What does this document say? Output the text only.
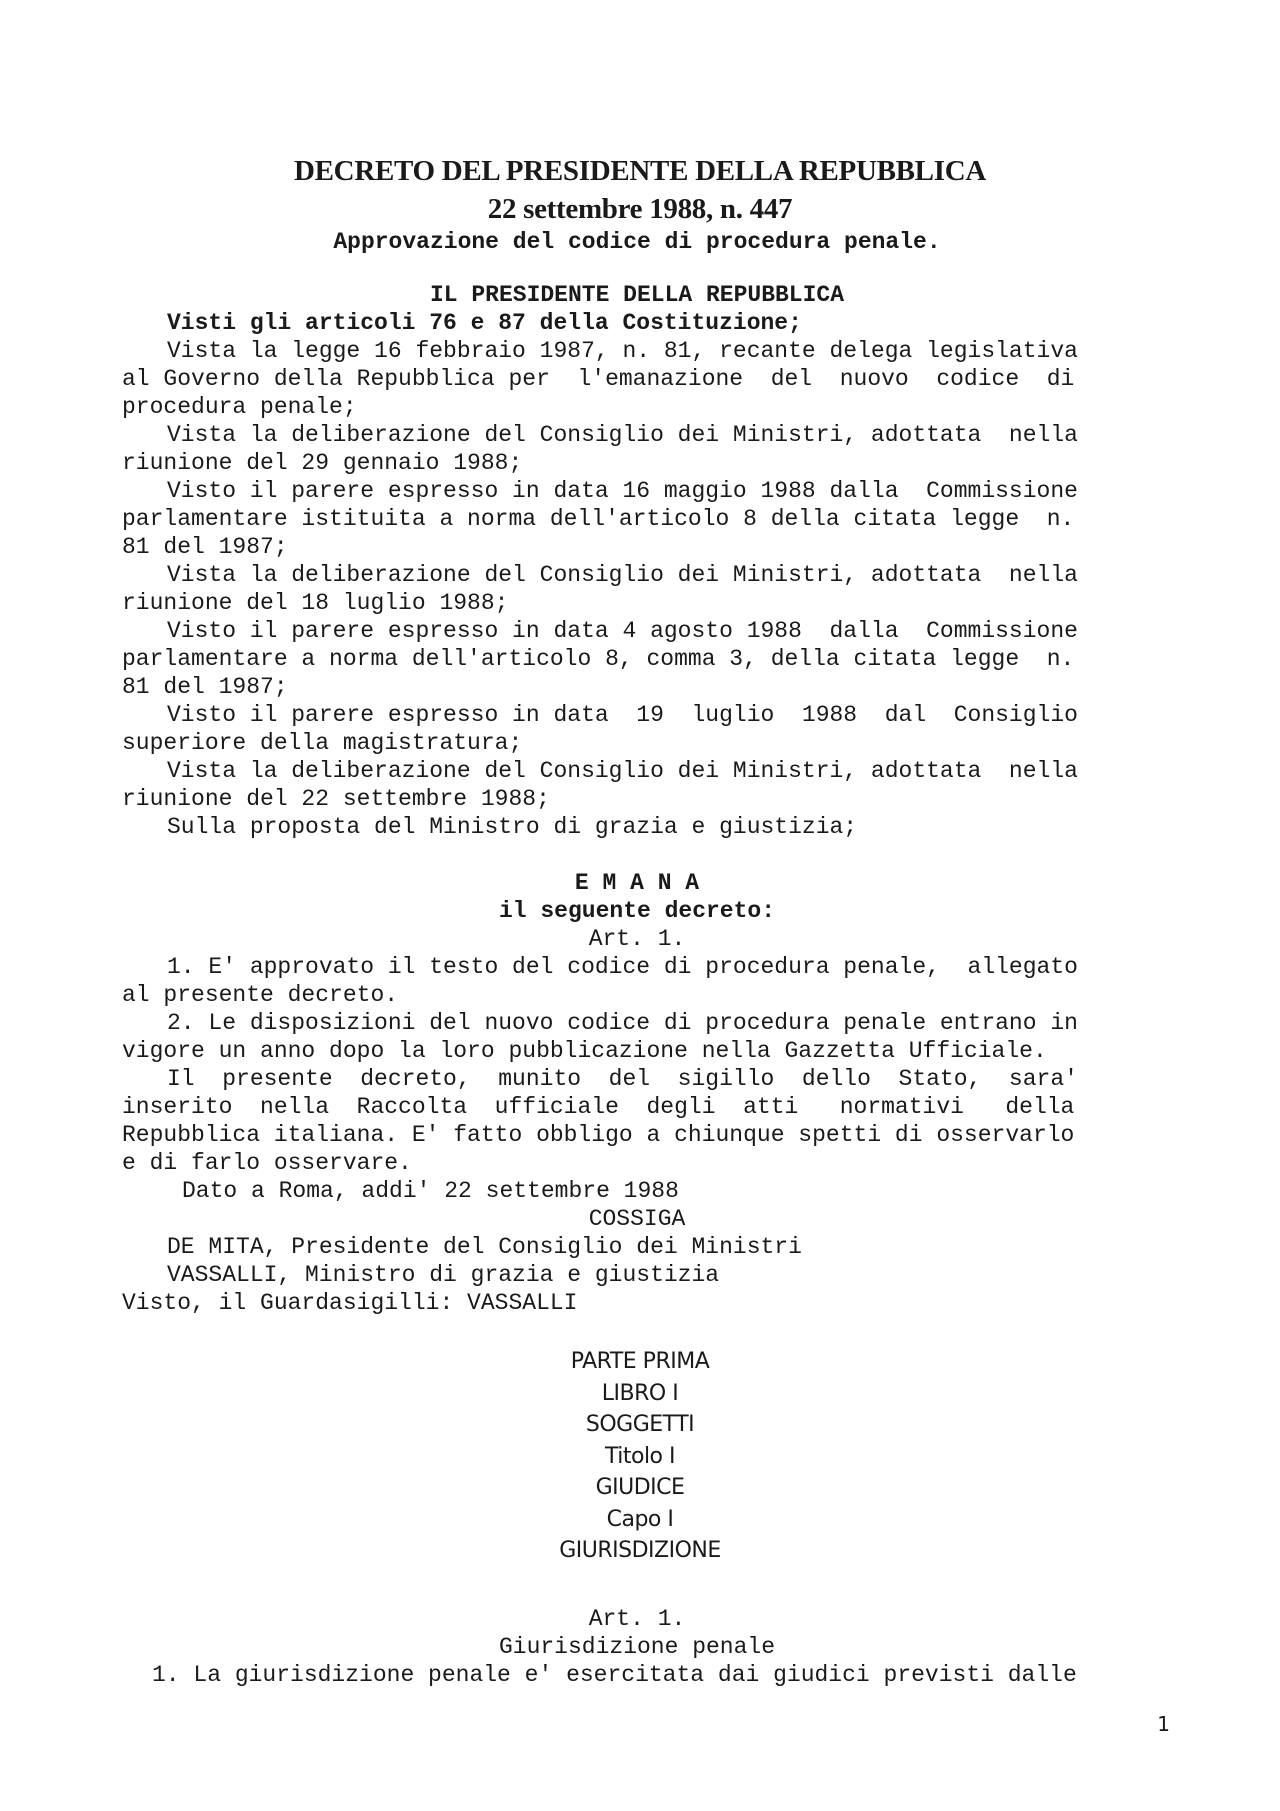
DECRETO DEL PRESIDENTE DELLA REPUBBLICA
22 settembre 1988, n. 447
Approvazione del codice di procedura penale.
IL PRESIDENTE DELLA REPUBBLICA
Visti gli articoli 76 e 87 della Costituzione;
Vista la legge 16 febbraio 1987, n. 81, recante delega legislativa
al Governo della Repubblica per  l'emanazione  del  nuovo  codice  di
procedura penale;
Vista la deliberazione del Consiglio dei Ministri, adottata  nella
riunione del 29 gennaio 1988;
Visto il parere espresso in data 16 maggio 1988 dalla  Commissione
parlamentare istituita a norma dell'articolo 8 della citata legge  n.
81 del 1987;
Vista la deliberazione del Consiglio dei Ministri, adottata  nella
riunione del 18 luglio 1988;
Visto il parere espresso in data 4 agosto 1988  dalla  Commissione
parlamentare a norma dell'articolo 8, comma 3, della citata legge  n.
81 del 1987;
Visto il parere espresso in data  19  luglio  1988  dal  Consiglio
superiore della magistratura;
Vista la deliberazione del Consiglio dei Ministri, adottata  nella
riunione del 22 settembre 1988;
Sulla proposta del Ministro di grazia e giustizia;
E M A N A
il seguente decreto:
Art. 1.
1. E' approvato il testo del codice di procedura penale,  allegato
al presente decreto.
2. Le disposizioni del nuovo codice di procedura penale entrano in
vigore un anno dopo la loro pubblicazione nella Gazzetta Ufficiale.
Il  presente  decreto,  munito  del  sigillo  dello  Stato,  sara'
inserito  nella  Raccolta  ufficiale  degli  atti   normativi   della
Repubblica italiana. E' fatto obbligo a chiunque spetti di osservarlo
e di farlo osservare.
Dato a Roma, addi' 22 settembre 1988
COSSIGA
DE MITA, Presidente del Consiglio dei Ministri
VASSALLI, Ministro di grazia e giustizia
Visto, il Guardasigilli: VASSALLI
PARTE PRIMA
LIBRO I
SOGGETTI
Titolo I
GIUDICE
Capo I
GIURISDIZIONE
Art. 1.
Giurisdizione penale
1. La giurisdizione penale e' esercitata dai giudici previsti dalle
1
